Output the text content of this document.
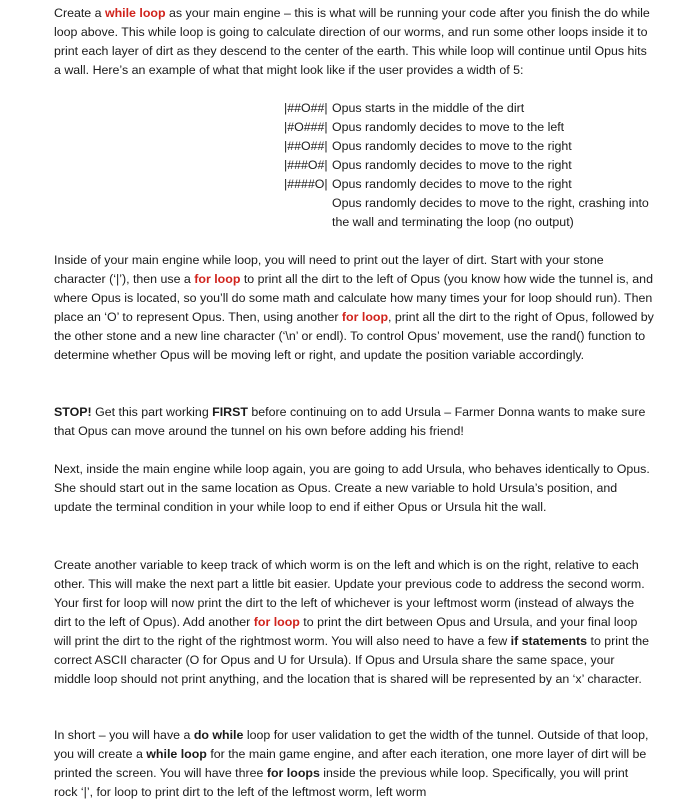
Create a while loop as your main engine – this is what will be running your code after you finish the do while loop above. This while loop is going to calculate direction of our worms, and run some other loops inside it to print each layer of dirt as they descend to the center of the earth. This while loop will continue until Opus hits a wall. Here’s an example of what that might look like if the user provides a width of 5:

|##O##| Opus starts in the middle of the dirt
|#O###| Opus randomly decides to move to the left
|##O##| Opus randomly decides to move to the right
|###O#| Opus randomly decides to move to the right
|####O| Opus randomly decides to move to the right

Opus randomly decides to move to the right, crashing into the wall and terminating the loop (no output)

Inside of your main engine while loop, you will need to print out the layer of dirt. Start with your stone character (‘|’), then use a for loop to print all the dirt to the left of Opus (you know how wide the tunnel is, and where Opus is located, so you’ll do some math and calculate how many times your for loop should run). Then place an ‘O’ to represent Opus. Then, using another for loop, print all the dirt to the right of Opus, followed by the other stone and a new line character (‘\n’ or endl). To control Opus’ movement, use the rand() function to determine whether Opus will be moving left or right, and update the position variable accordingly.

STOP! Get this part working FIRST before continuing on to add Ursula – Farmer Donna wants to make sure that Opus can move around the tunnel on his own before adding his friend!

Next, inside the main engine while loop again, you are going to add Ursula, who behaves identically to Opus. She should start out in the same location as Opus. Create a new variable to hold Ursula’s position, and update the terminal condition in your while loop to end if either Opus or Ursula hit the wall.

Create another variable to keep track of which worm is on the left and which is on the right, relative to each other. This will make the next part a little bit easier. Update your previous code to address the second worm. Your first for loop will now print the dirt to the left of whichever is your leftmost worm (instead of always the dirt to the left of Opus). Add another for loop to print the dirt between Opus and Ursula, and your final loop will print the dirt to the right of the rightmost worm. You will also need to have a few if statements to print the correct ASCII character (O for Opus and U for Ursula). If Opus and Ursula share the same space, your middle loop should not print anything, and the location that is shared will be represented by an ‘x’ character.

In short – you will have a do while loop for user validation to get the width of the tunnel. Outside of that loop, you will create a while loop for the main game engine, and after each iteration, one more layer of dirt will be printed the screen. You will have three for loops inside the previous while loop. Specifically, you will print rock ‘|’, for loop to print dirt to the left of the leftmost worm, left worm
